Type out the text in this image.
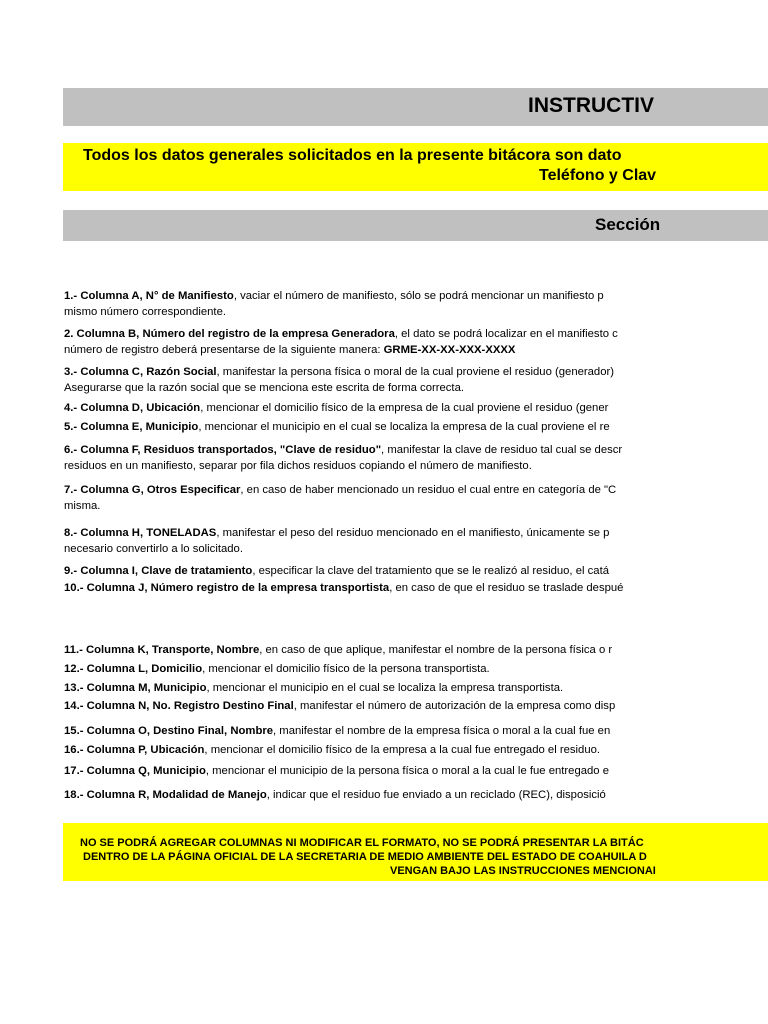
INSTRUCTIV
Todos los datos generales solicitados en la presente bitácora son dato
Teléfono y Clav
Sección
1.- Columna A, N° de Manifiesto, vaciar el número de manifiesto, sólo se podrá mencionar un manifiesto p
mismo número correspondiente.
2. Columna B, Número del registro de la empresa Generadora, el dato se podrá localizar en el manifiesto c
número de registro deberá presentarse de la siguiente manera: GRME-XX-XX-XXX-XXXX
3.- Columna C, Razón Social, manifestar la persona física o moral de la cual proviene el residuo (generador)
Asegurarse que la razón social que se menciona este escrita de forma correcta.
4.- Columna D, Ubicación, mencionar el domicilio físico de la empresa de la cual proviene el residuo (gener
5.- Columna E, Municipio, mencionar el municipio en el cual se localiza la empresa de la cual proviene el re
6.- Columna F, Residuos transportados, "Clave de residuo", manifestar la clave de residuo tal cual se descr
residuos en un manifiesto, separar por fila dichos residuos copiando el número de manifiesto.
7.- Columna G, Otros Especificar, en caso de haber mencionado un residuo el cual entre en categoría de "C
misma.
8.- Columna H, TONELADAS, manifestar el peso del residuo mencionado en el manifiesto, únicamente se p
necesario convertirlo a lo solicitado.
9.- Columna I, Clave de tratamiento, especificar la clave del tratamiento que se le realizó al residuo, el catá
10.- Columna J, Número registro de la empresa transportista, en caso de que el residuo se traslade despué
11.- Columna K, Transporte, Nombre, en caso de que aplique, manifestar el nombre de la persona física o r
12.- Columna L, Domicilio, mencionar el domicilio físico de la persona transportista.
13.- Columna M, Municipio, mencionar el municipio en el cual se localiza la empresa transportista.
14.- Columna N, No. Registro Destino Final, manifestar el número de autorización de la empresa como disp
15.- Columna O, Destino Final, Nombre, manifestar el nombre de la empresa física o moral a la cual fue en
16.- Columna P, Ubicación, mencionar el domicilio físico de la empresa a la cual fue entregado el residuo.
17.- Columna Q, Municipio, mencionar el municipio de la persona física o moral a la cual le fue entregado e
18.- Columna R, Modalidad de Manejo, indicar que el residuo fue enviado a un reciclado (REC), disposició
NO SE PODRÁ AGREGAR COLUMNAS NI MODIFICAR EL FORMATO, NO SE PODRÁ PRESENTAR LA BITÁC
DENTRO DE LA PÁGINA OFICIAL DE LA SECRETARIA DE MEDIO AMBIENTE DEL ESTADO DE COAHUILA D
VENGAN BAJO LAS INSTRUCCIONES MENCIONAI
